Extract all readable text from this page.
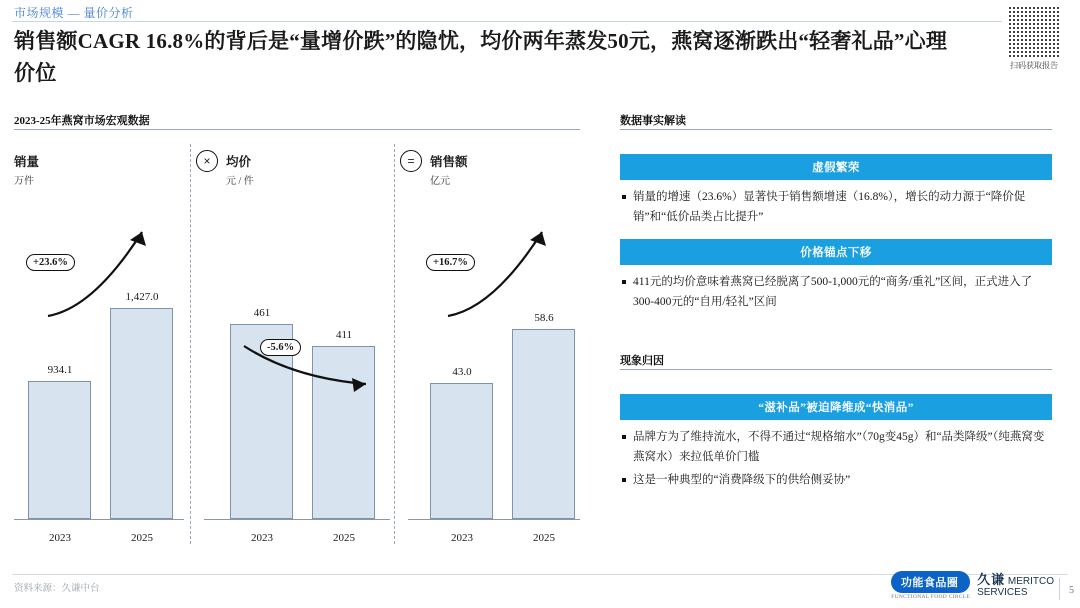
市场规模 — 量价分析
销售额CAGR 16.8%的背后是“量增价跌”的隐忧，均价两年蒸发50元，燕窝逐渐跌出“轻奢礼品”心理价位	扫码获取报告
2023-25年燕窝市场宏观数据
销量
万件
934.1
1,427.0
2023	2025
+23.6%
×	均价
元 / 件
461
411
2023	2025
-5.6%
=	销售额
亿元
43.0
58.6
2023	2025
+16.7%
数据事实解读
虚假繁荣
销量的增速（23.6%）显著快于销售额增速（16.8%），增长的动力源于“降价促销”和“低价品类占比提升”
价格锚点下移
411元的均价意味着燕窝已经脱离了500-1,000元的“商务/重礼”区间，正式进入了300-400元的“自用/轻礼”区间
现象归因
“滋补品”被迫降维成“快消品”
品牌方为了维持流水，不得不通过“规格缩水”（70g变45g）和“品类降级”（纯燕窝变燕窝水）来拉低单价门槛
这是一种典型的“消费降级下的供给侧妥协”
资料来源：久谦中台	功能食品圈
FUNCTIONAL FOOD CIRCLE
久谦 MERITCO
SERVICES	5
